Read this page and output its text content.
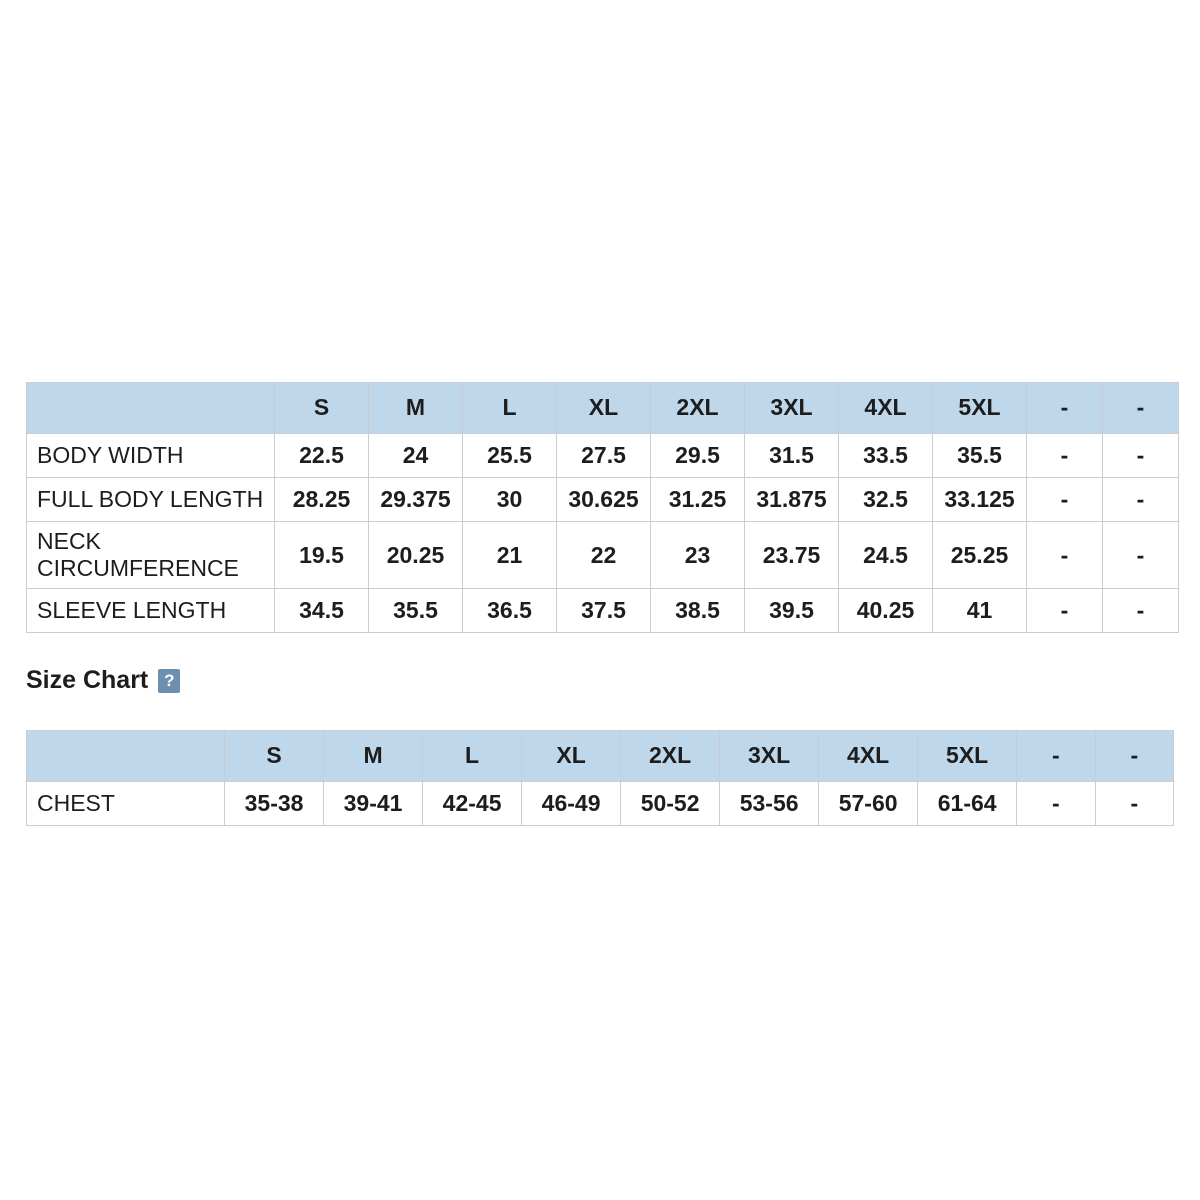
	S	M	L	XL	2XL	3XL	4XL	5XL	-	-
BODY WIDTH	22.5	24	25.5	27.5	29.5	31.5	33.5	35.5	-	-
FULL BODY LENGTH	28.25	29.375	30	30.625	31.25	31.875	32.5	33.125	-	-
NECK CIRCUMFERENCE	19.5	20.25	21	22	23	23.75	24.5	25.25	-	-
SLEEVE LENGTH	34.5	35.5	36.5	37.5	38.5	39.5	40.25	41	-	-
Size Chart ?
	S	M	L	XL	2XL	3XL	4XL	5XL	-	-
CHEST	35-38	39-41	42-45	46-49	50-52	53-56	57-60	61-64	-	-
